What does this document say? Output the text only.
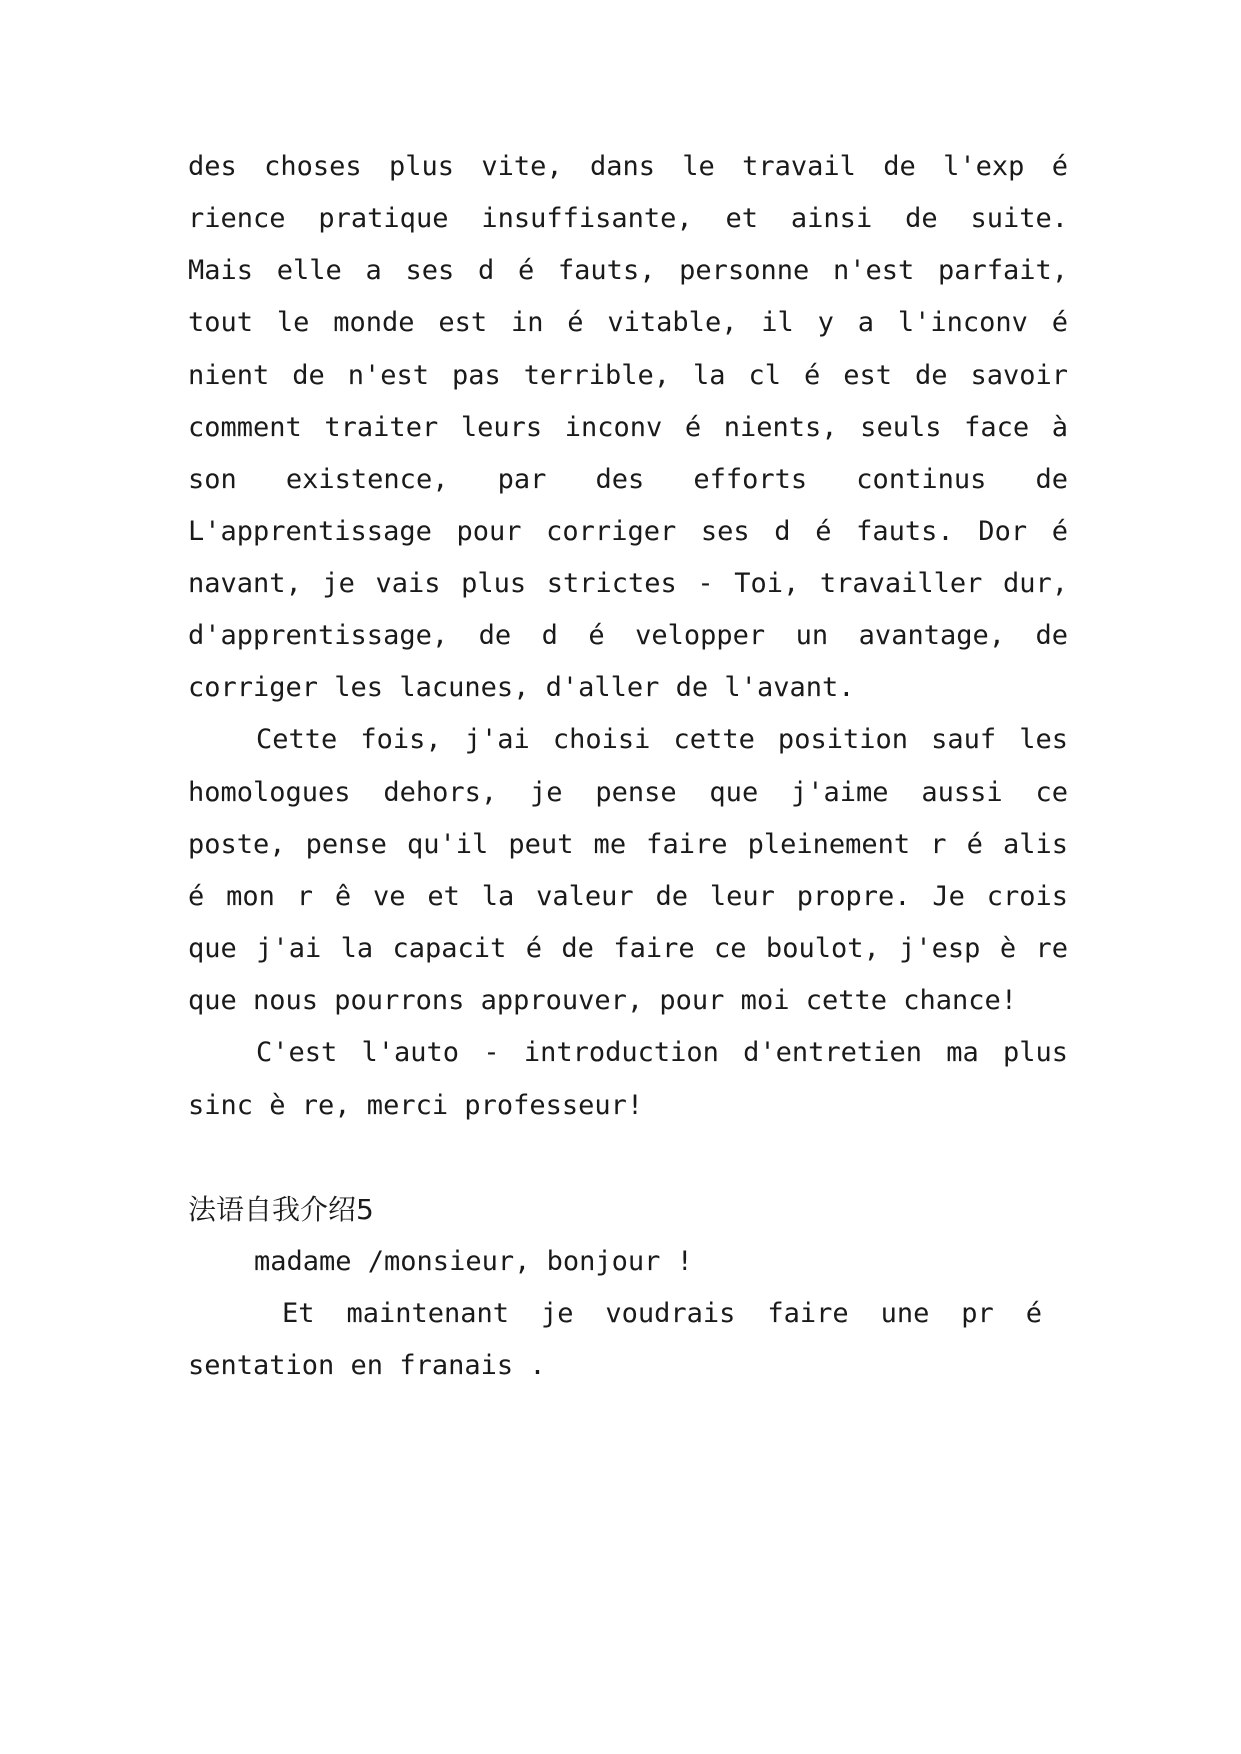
des choses plus vite, dans le travail de l'exp é

rience pratique insuffisante, et ainsi de suite.

Mais elle a ses d é fauts, personne n'est parfait,

tout le monde est in é vitable, il y a l'inconv é

nient de n'est pas terrible, la cl é est de savoir

comment traiter leurs inconv é nients, seuls face à

son existence, par des efforts continus de

L'apprentissage pour corriger ses d é fauts. Dor é

navant, je vais plus strictes - Toi, travailler dur,

d'apprentissage, de d é velopper un avantage, de

corriger les lacunes, d'aller de l'avant.

Cette fois, j'ai choisi cette position sauf les

homologues dehors, je pense que j'aime aussi ce

poste, pense qu'il peut me faire pleinement r é alis

é mon r ê ve et la valeur de leur propre. Je crois

que j'ai la capacit é de faire ce boulot, j'esp è re

que nous pourrons approuver, pour moi cette chance!

C'est l'auto - introduction d'entretien ma plus

sinc è re, merci professeur!

法语自我介绍5

madame /monsieur, bonjour !

Et maintenant je voudrais faire une pr é

sentation en franais .
